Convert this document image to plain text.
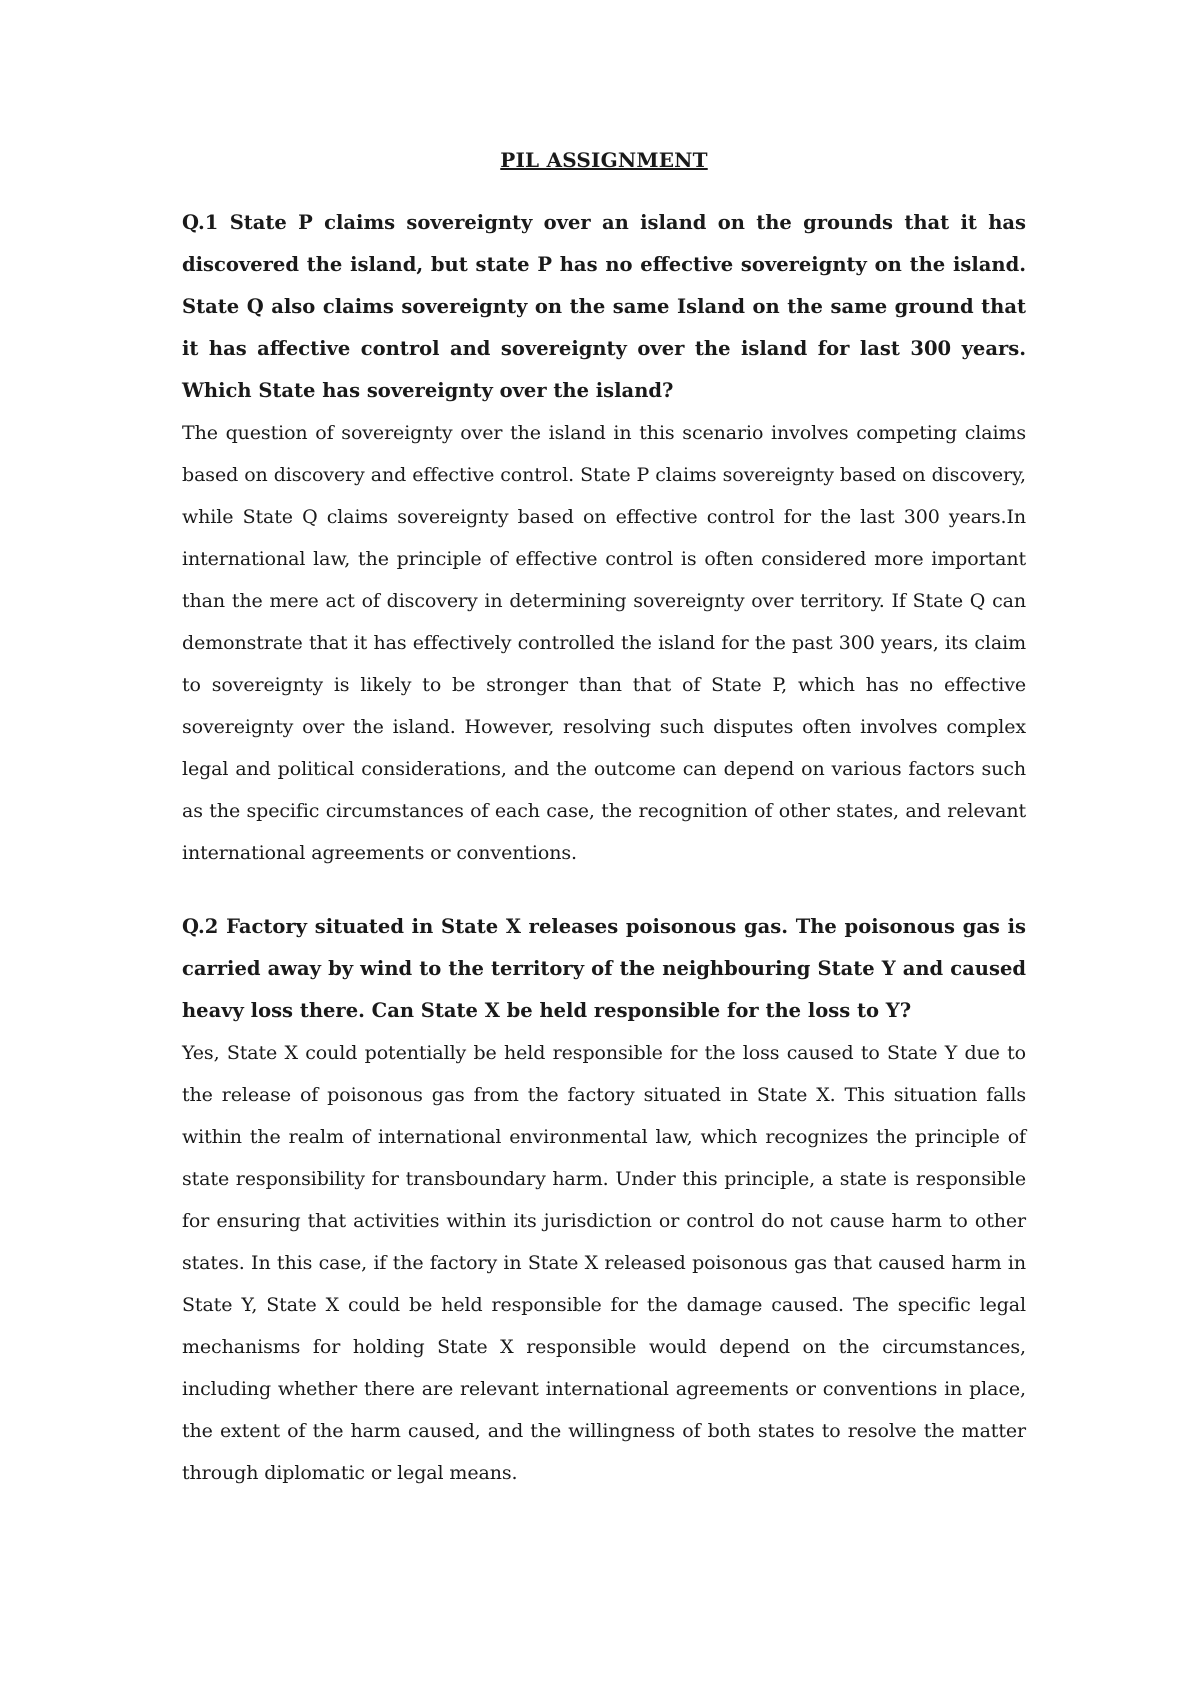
PIL ASSIGNMENT

Q.1 State P claims sovereignty over an island on the grounds that it has discovered the island, but state P has no effective sovereignty on the island. State Q also claims sovereignty on the same Island on the same ground that it has affective control and sovereignty over the island for last 300 years. Which State has sovereignty over the island?

The question of sovereignty over the island in this scenario involves competing claims based on discovery and effective control. State P claims sovereignty based on discovery, while State Q claims sovereignty based on effective control for the last 300 years.In international law, the principle of effective control is often considered more important than the mere act of discovery in determining sovereignty over territory. If State Q can demonstrate that it has effectively controlled the island for the past 300 years, its claim to sovereignty is likely to be stronger than that of State P, which has no effective sovereignty over the island. However, resolving such disputes often involves complex legal and political considerations, and the outcome can depend on various factors such as the specific circumstances of each case, the recognition of other states, and relevant international agreements or conventions.

Q.2 Factory situated in State X releases poisonous gas. The poisonous gas is carried away by wind to the territory of the neighbouring State Y and caused heavy loss there. Can State X be held responsible for the loss to Y?

Yes, State X could potentially be held responsible for the loss caused to State Y due to the release of poisonous gas from the factory situated in State X. This situation falls within the realm of international environmental law, which recognizes the principle of state responsibility for transboundary harm. Under this principle, a state is responsible for ensuring that activities within its jurisdiction or control do not cause harm to other states. In this case, if the factory in State X released poisonous gas that caused harm in State Y, State X could be held responsible for the damage caused. The specific legal mechanisms for holding State X responsible would depend on the circumstances, including whether there are relevant international agreements or conventions in place, the extent of the harm caused, and the willingness of both states to resolve the matter through diplomatic or legal means.
